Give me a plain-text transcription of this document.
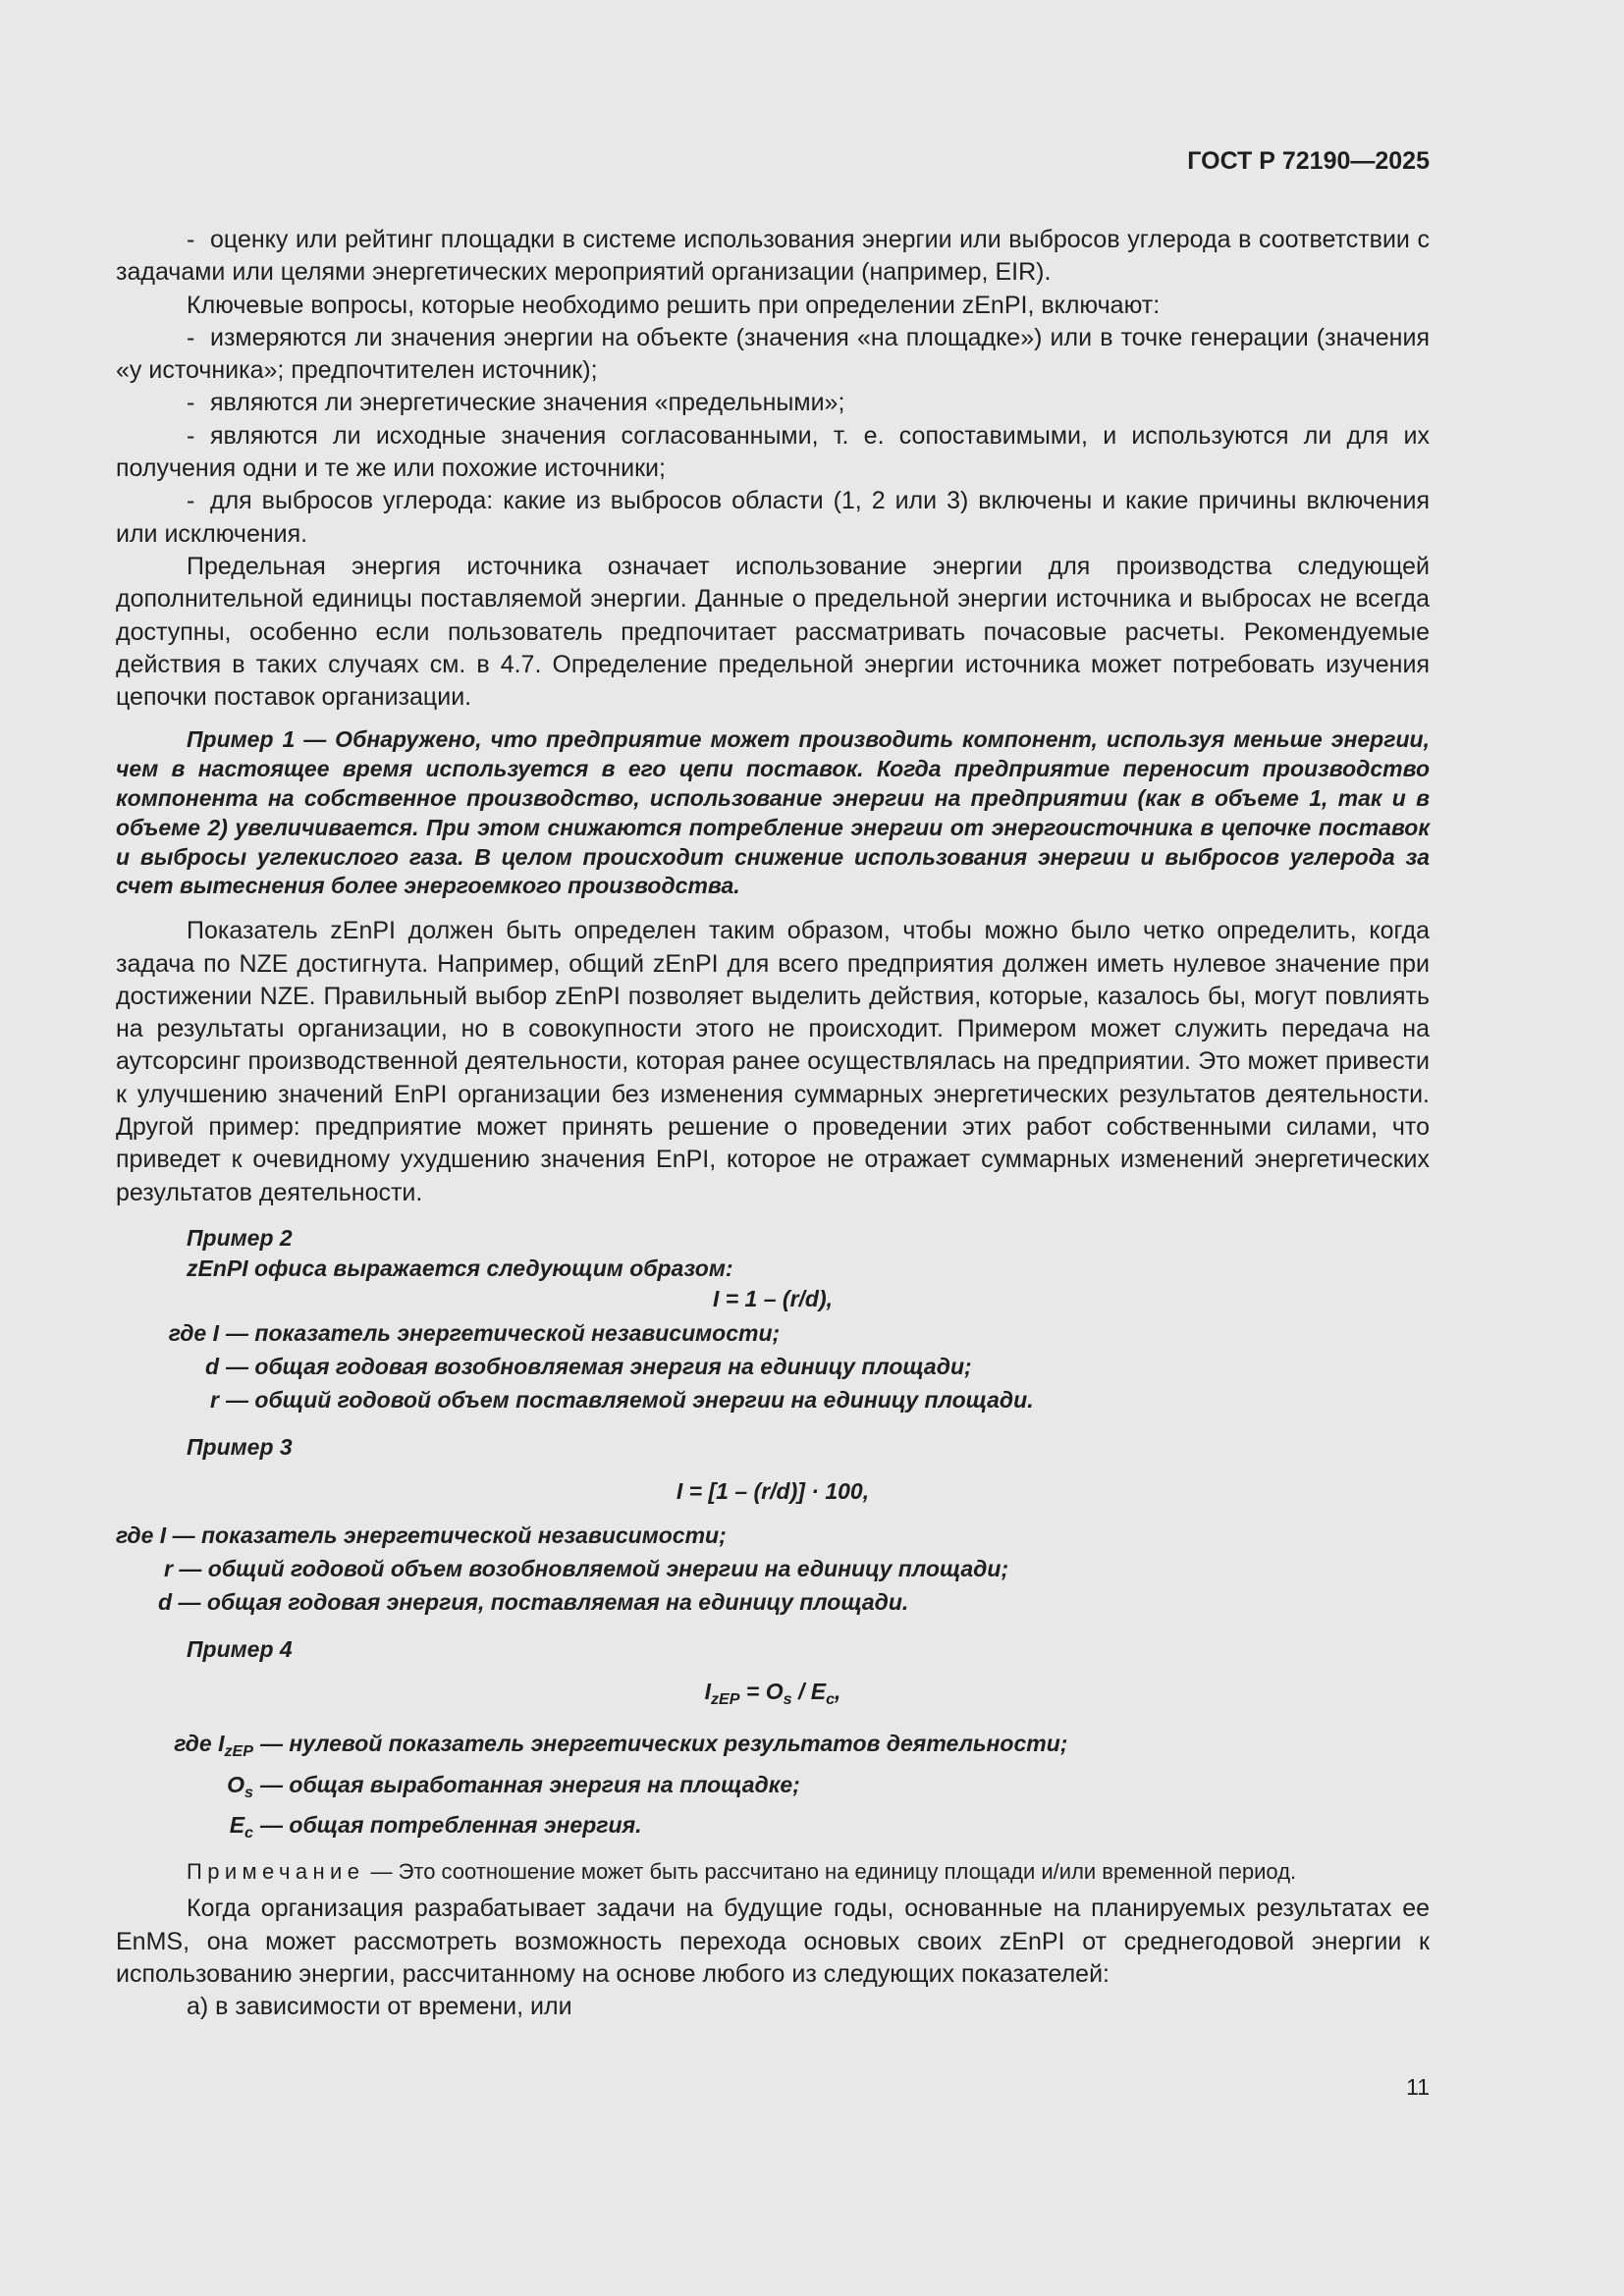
ГОСТ Р 72190—2025

- оценку или рейтинг площадки в системе использования энергии или выбросов углерода в соответствии с задачами или целями энергетических мероприятий организации (например, EIR).

Ключевые вопросы, которые необходимо решить при определении zEnPI, включают:

- измеряются ли значения энергии на объекте (значения «на площадке») или в точке генерации (значения «у источника»; предпочтителен источник);

- являются ли энергетические значения «предельными»;

- являются ли исходные значения согласованными, т. е. сопоставимыми, и используются ли для их получения одни и те же или похожие источники;

- для выбросов углерода: какие из выбросов области (1, 2 или 3) включены и какие причины включения или исключения.

Предельная энергия источника означает использование энергии для производства следующей дополнительной единицы поставляемой энергии. Данные о предельной энергии источника и выбросах не всегда доступны, особенно если пользователь предпочитает рассматривать почасовые расчеты. Рекомендуемые действия в таких случаях см. в 4.7. Определение предельной энергии источника может потребовать изучения цепочки поставок организации.

Пример 1 — Обнаружено, что предприятие может производить компонент, используя меньше энергии, чем в настоящее время используется в его цепи поставок. Когда предприятие переносит производство компонента на собственное производство, использование энергии на предприятии (как в объеме 1, так и в объеме 2) увеличивается. При этом снижаются потребление энергии от энергоисточника в цепочке поставок и выбросы углекислого газа. В целом происходит снижение использования энергии и выбросов углерода за счет вытеснения более энергоемкого производства.

Показатель zEnPI должен быть определен таким образом, чтобы можно было четко определить, когда задача по NZE достигнута. Например, общий zEnPI для всего предприятия должен иметь нулевое значение при достижении NZE. Правильный выбор zEnPI позволяет выделить действия, которые, казалось бы, могут повлиять на результаты организации, но в совокупности этого не происходит. Примером может служить передача на аутсорсинг производственной деятельности, которая ранее осуществлялась на предприятии. Это может привести к улучшению значений EnPI организации без изменения суммарных энергетических результатов деятельности. Другой пример: предприятие может принять решение о проведении этих работ собственными силами, что приведет к очевидному ухудшению значения EnPI, которое не отражает суммарных изменений энергетических результатов деятельности.

Пример 2

zEnPI офиса выражается следующим образом:

I = 1 – (r/d),

где I — показатель энергетической независимости;
d — общая годовая возобновляемая энергия на единицу площади;
r — общий годовой объем поставляемой энергии на единицу площади.

Пример 3

I = [1 – (r/d)] · 100,

где I — показатель энергетической независимости;
r — общий годовой объем возобновляемой энергии на единицу площади;
d — общая годовая энергия, поставляемая на единицу площади.

Пример 4

$I_{zEP} = O_s / E_c$,

где $I_{zEP}$ — нулевой показатель энергетических результатов деятельности;
$O_s$ — общая выработанная энергия на площадке;
$E_c$ — общая потребленная энергия.

Примечание — Это соотношение может быть рассчитано на единицу площади и/или временной период.

Когда организация разрабатывает задачи на будущие годы, основанные на планируемых результатах ее EnMS, она может рассмотреть возможность перехода основых своих zEnPI от среднегодовой энергии к использованию энергии, рассчитанному на основе любого из следующих показателей:

а) в зависимости от времени, или

11
